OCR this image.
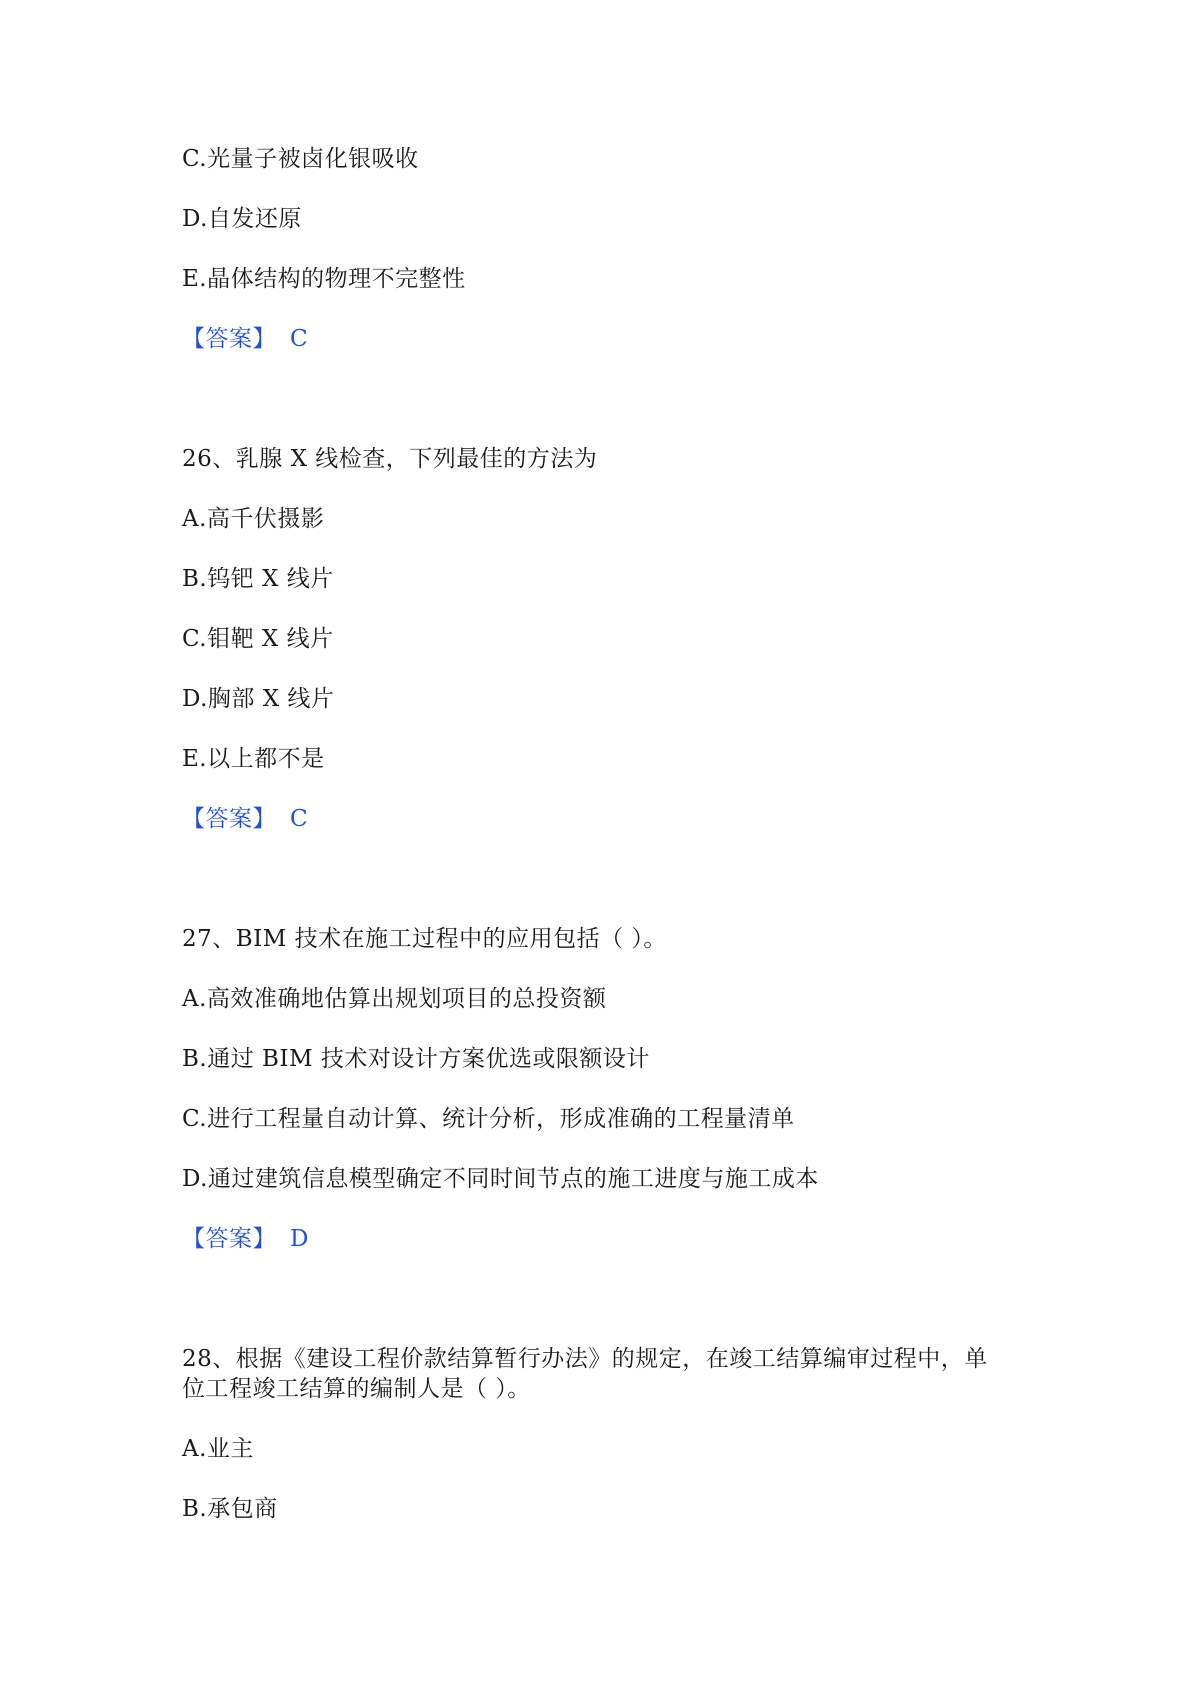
C.光量子被卤化银吸收
D.自发还原
E.晶体结构的物理不完整性
【答案】 C
26、乳腺 X 线检查，下列最佳的方法为
A.高千伏摄影
B.钨钯 X 线片
C.钼靶 X 线片
D.胸部 X 线片
E.以上都不是
【答案】 C
27、BIM 技术在施工过程中的应用包括（ ）。
A.高效准确地估算出规划项目的总投资额
B.通过 BIM 技术对设计方案优选或限额设计
C.进行工程量自动计算、统计分析，形成准确的工程量清单
D.通过建筑信息模型确定不同时间节点的施工进度与施工成本
【答案】 D
28、根据《建设工程价款结算暂行办法》的规定，在竣工结算编审过程中，单
位工程竣工结算的编制人是（ ）。
A.业主
B.承包商
